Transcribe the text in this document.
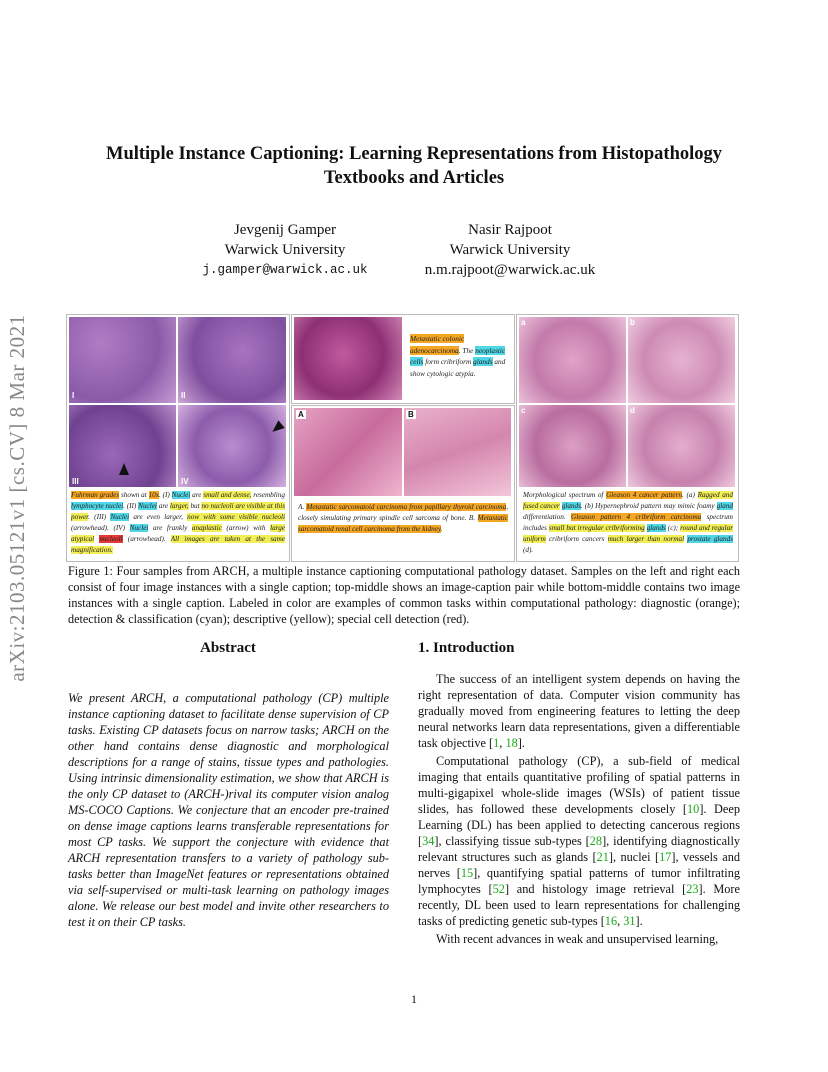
arXiv:2103.05121v1 [cs.CV] 8 Mar 2021
Multiple Instance Captioning: Learning Representations from Histopathology
Textbooks and Articles
Jevgenij Gamper
Warwick University
j.gamper@warwick.ac.uk
Nasir Rajpoot
Warwick University
n.m.rajpoot@warwick.ac.uk
I	II
III	IV
Fuhrman grades shown at 10x. (I) Nuclei are small and dense, resembling lymphocyte nuclei. (II) Nuclei are larger, but no nucleoli are visible at this power. (III) Nuclei are even larger, now with some visible nucleoli (arrowhead). (IV) Nuclei are frankly anaplastic (arrow) with large atypical nucleoli (arrowhead). All images are taken at the same magnification.
Metastatic colonic adenocarcinoma. The neoplastic cells form cribriform glands and show cytologic atypia.
A	B
A. Metastatic sarcomatoid carcinoma from papillary thyroid carcinoma, closely simulating primary spindle cell sarcoma of bone. B. Metastatic sarcomatoid renal cell carcinoma from the kidney.
a	b
c	d
Morphological spectrum of Gleason 4 cancer pattern. (a) Ragged and fused cancer glands. (b) Hypernephroid pattern may mimic foamy gland differentiation. Gleason pattern 4 cribriform carcinoma spectrum includes small but irregular cribriforming glands (c); round and regular uniform cribriform cancers much larger than normal prostate glands (d).
Figure 1: Four samples from ARCH, a multiple instance captioning computational pathology dataset. Samples on the left and right each consist of four image instances with a single caption; top-middle shows an image-caption pair while bottom-middle contains two image instances with a single caption. Labeled in color are examples of common tasks within computational pathology: diagnostic (orange); detection & classification (cyan); descriptive (yellow); special cell detection (red).
Abstract
We present ARCH, a computational pathology (CP) multiple instance captioning dataset to facilitate dense supervision of CP tasks. Existing CP datasets focus on narrow tasks; ARCH on the other hand contains dense diagnostic and morphological descriptions for a range of stains, tissue types and pathologies. Using intrinsic dimensionality estimation, we show that ARCH is the only CP dataset to (ARCH-)rival its computer vision analog MS-COCO Captions. We conjecture that an encoder pre-trained on dense image captions learns transferable representations for most CP tasks. We support the conjecture with evidence that ARCH representation transfers to a variety of pathology sub-tasks better than ImageNet features or representations obtained via self-supervised or multi-task learning on pathology images alone. We release our best model and invite other researchers to test it on their CP tasks.
1. Introduction

The success of an intelligent system depends on having the right representation of data. Computer vision community has gradually moved from engineering features to letting the deep neural networks learn data representations, given a differentiable task objective [1, 18].

Computational pathology (CP), a sub-field of medical imaging that entails quantitative profiling of spatial patterns in multi-gigapixel whole-slide images (WSIs) of patient tissue slides, has followed these developments closely [10]. Deep Learning (DL) has been applied to detecting cancerous regions [34], classifying tissue sub-types [28], identifying diagnostically relevant structures such as glands [21], nuclei [17], vessels and nerves [15], quantifying spatial patterns of tumor infiltrating lymphocytes [52] and histology image retrieval [23]. More recently, DL been used to learn representations for challenging tasks of predicting genetic sub-types [16, 31].

With recent advances in weak and unsupervised learning,

1
